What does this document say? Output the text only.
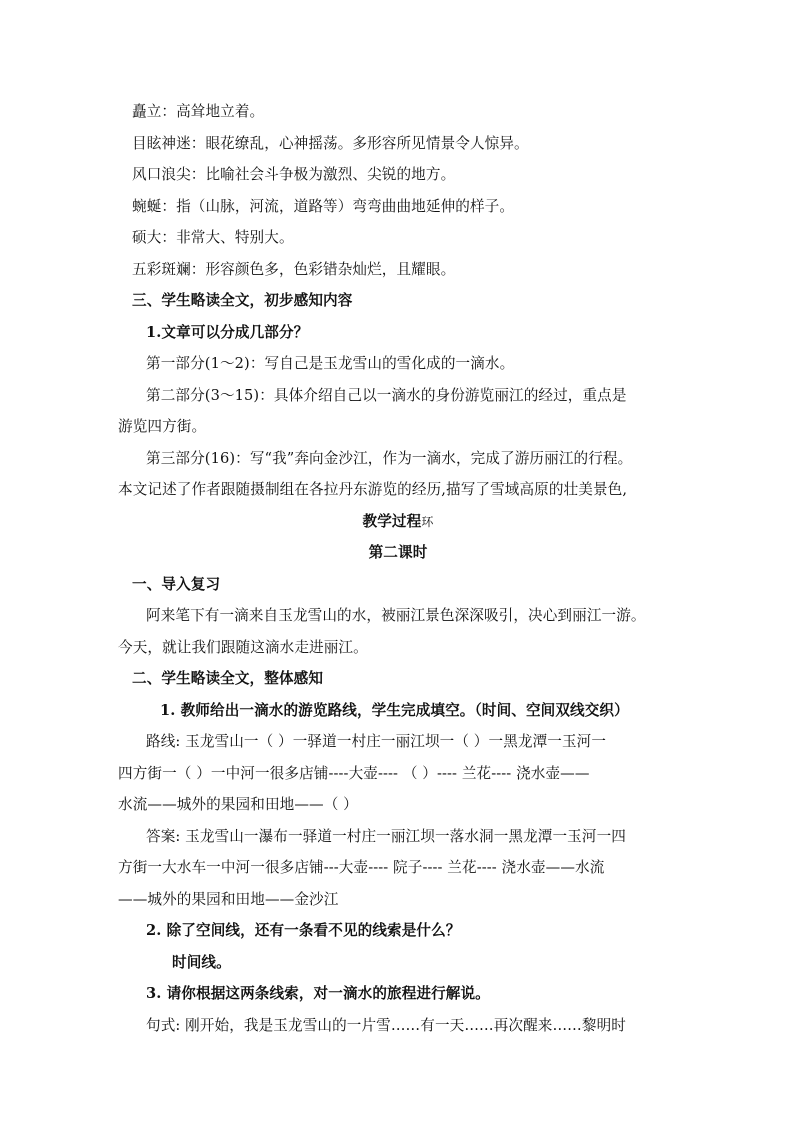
矗立：高耸地立着。
目眩神迷：眼花缭乱，心神摇荡。多形容所见情景令人惊异。
风口浪尖：比喻社会斗争极为激烈、尖锐的地方。
蜿蜒：指（山脉，河流，道路等）弯弯曲曲地延伸的样子。
硕大：非常大、特别大。
五彩斑斓：形容颜色多，色彩错杂灿烂，且耀眼。
三、学生略读全文，初步感知内容
1.文章可以分成几部分？
第一部分(1～2)：写自己是玉龙雪山的雪化成的一滴水。
第二部分(3～15)：具体介绍自己以一滴水的身份游览丽江的经过，重点是
游览四方街。
第三部分(16)：写“我”奔向金沙江，作为一滴水，完成了游历丽江的行程。
本文记述了作者跟随摄制组在各拉丹东游览的经历,描写了雪域高原的壮美景色,
教学过程环
第二课时
一、导入复习
阿来笔下有一滴来自玉龙雪山的水，被丽江景色深深吸引，决心到丽江一游。
今天，就让我们跟随这滴水走进丽江。
二、学生略读全文，整体感知
1. 教师给出一滴水的游览路线，学生完成填空。（时间、空间双线交织）
路线: 玉龙雪山一（ ）一驿道一村庄一丽江坝一（ ）一黑龙潭一玉河一
四方街一（ ）一中河一很多店铺----大壶---- （ ）---- 兰花---- 浇水壶——
水流——城外的果园和田地——（ ）
答案: 玉龙雪山一瀑布一驿道一村庄一丽江坝一落水洞一黑龙潭一玉河一四
方街一大水车一中河一很多店铺---大壶---- 院子---- 兰花---- 浇水壶——水流
——城外的果园和田地——金沙江
2. 除了空间线，还有一条看不见的线索是什么？
时间线。
3. 请你根据这两条线索，对一滴水的旅程进行解说。
句式: 刚开始，我是玉龙雪山的一片雪……有一天……再次醒来……黎明时
